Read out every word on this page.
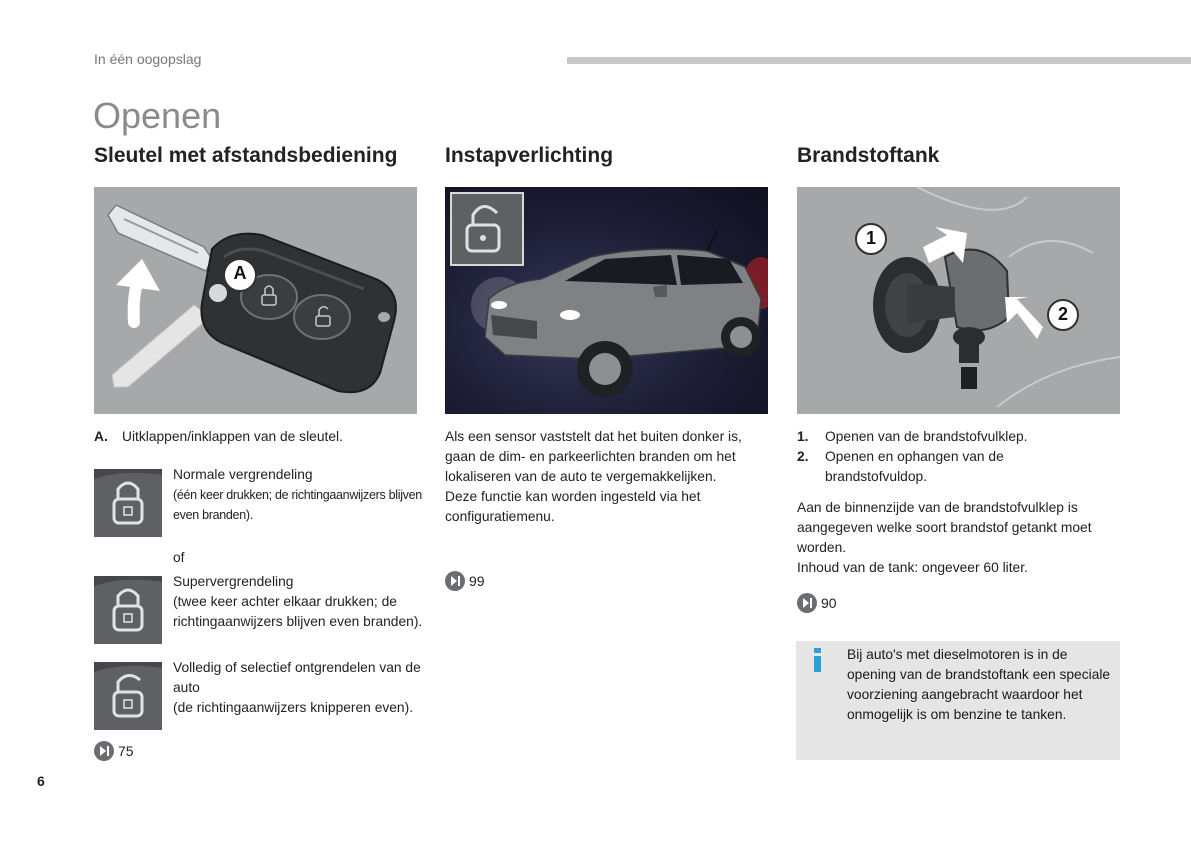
In één oogopslag
Openen
Sleutel met afstandsbediening Instapverlichting	Brandstoftank
A
1
2
A. Uitklappen/inklappen van de sleutel.
Normale vergrendeling
(één keer drukken; de richtingaanwijzers blijven even branden).
of
Supervergrendeling
(twee keer achter elkaar drukken; de richtingaanwijzers blijven even branden).
Volledig of selectief ontgrendelen van de auto
(de richtingaanwijzers knipperen even).
75
Als een sensor vaststelt dat het buiten donker is, gaan de dim- en parkeerlichten branden om het lokaliseren van de auto te vergemakkelijken.
Deze functie kan worden ingesteld via het configuratiemenu.
99
1.	Openen van de brandstofvulklep.
2.	Openen en ophangen van de brandstofvuldop.
Aan de binnenzijde van de brandstofvulklep is aangegeven welke soort brandstof getankt moet worden.
Inhoud van de tank: ongeveer 60 liter.
90
Bij auto's met dieselmotoren is in de opening van de brandstoftank een speciale voorziening aangebracht waardoor het onmogelijk is om benzine te tanken.
6
